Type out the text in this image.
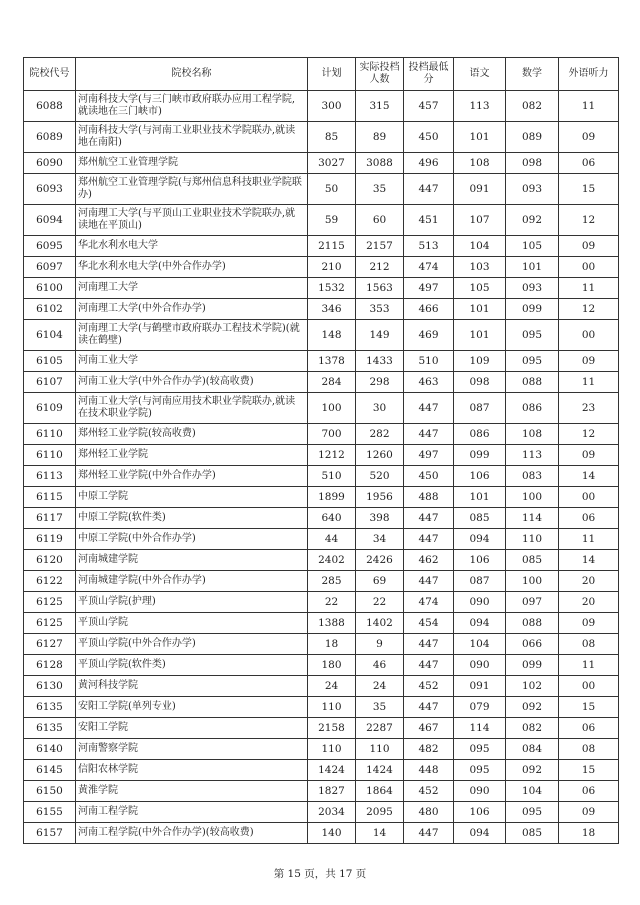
院校代号	院校名称	计划	实际投档人数	投档最低分	语文	数学	外语听力
6088	河南科技大学(与三门峡市政府联办应用工程学院,就读地在三门峡市)	300	315	457	113	082	11
6089	河南科技大学(与河南工业职业技术学院联办,就读地在南阳)	85	89	450	101	089	09
6090	郑州航空工业管理学院	3027	3088	496	108	098	06
6093	郑州航空工业管理学院(与郑州信息科技职业学院联办)	50	35	447	091	093	15
6094	河南理工大学(与平顶山工业职业技术学院联办,就读地在平顶山)	59	60	451	107	092	12
6095	华北水利水电大学	2115	2157	513	104	105	09
6097	华北水利水电大学(中外合作办学)	210	212	474	103	101	00
6100	河南理工大学	1532	1563	497	105	093	11
6102	河南理工大学(中外合作办学)	346	353	466	101	099	12
6104	河南理工大学(与鹤壁市政府联办工程技术学院)(就读在鹤壁)	148	149	469	101	095	00
6105	河南工业大学	1378	1433	510	109	095	09
6107	河南工业大学(中外合作办学)(较高收费)	284	298	463	098	088	11
6109	河南工业大学(与河南应用技术职业学院联办,就读在技术职业学院)	100	30	447	087	086	23
6110	郑州轻工业学院(较高收费)	700	282	447	086	108	12
6110	郑州轻工业学院	1212	1260	497	099	113	09
6113	郑州轻工业学院(中外合作办学)	510	520	450	106	083	14
6115	中原工学院	1899	1956	488	101	100	00
6117	中原工学院(软件类)	640	398	447	085	114	06
6119	中原工学院(中外合作办学)	44	34	447	094	110	11
6120	河南城建学院	2402	2426	462	106	085	14
6122	河南城建学院(中外合作办学)	285	69	447	087	100	20
6125	平顶山学院(护理)	22	22	474	090	097	20
6125	平顶山学院	1388	1402	454	094	088	09
6127	平顶山学院(中外合作办学)	18	9	447	104	066	08
6128	平顶山学院(软件类)	180	46	447	090	099	11
6130	黄河科技学院	24	24	452	091	102	00
6135	安阳工学院(单列专业)	110	35	447	079	092	15
6135	安阳工学院	2158	2287	467	114	082	06
6140	河南警察学院	110	110	482	095	084	08
6145	信阳农林学院	1424	1424	448	095	092	15
6150	黄淮学院	1827	1864	452	090	104	06
6155	河南工程学院	2034	2095	480	106	095	09
6157	河南工程学院(中外合作办学)(较高收费)	140	14	447	094	085	18
第 15 页，共 17 页
